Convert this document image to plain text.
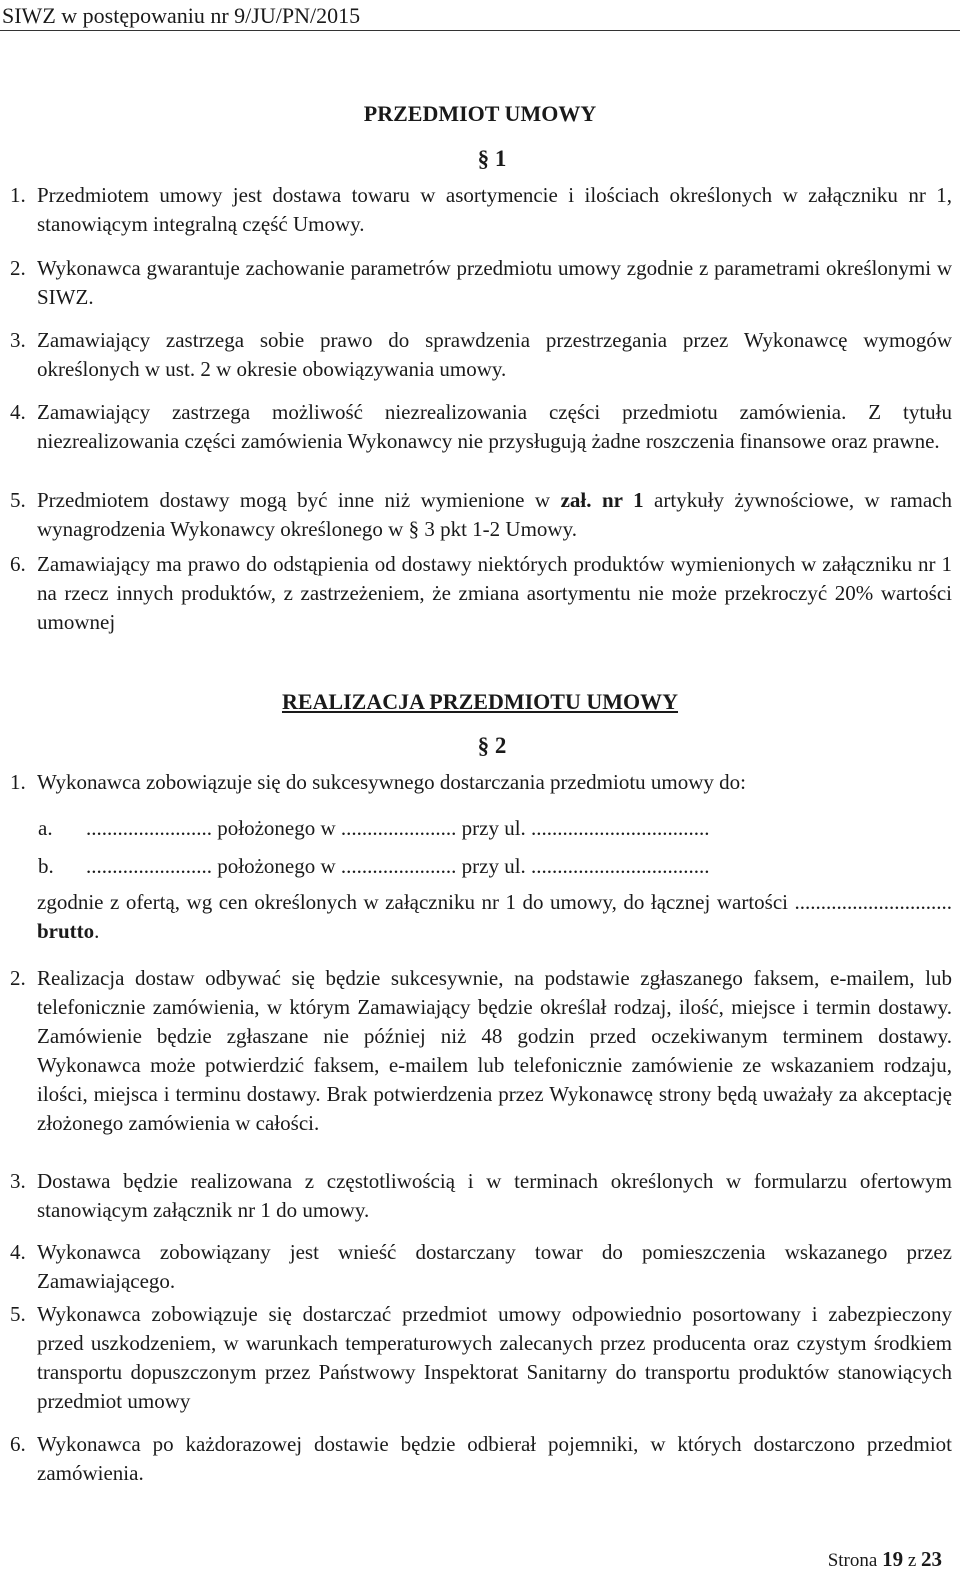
SIWZ w postępowaniu nr 9/JU/PN/2015
PRZEDMIOT UMOWY
§ 1
1. Przedmiotem umowy jest dostawa towaru w asortymencie i ilościach określonych w załączniku nr 1, stanowiącym integralną część Umowy.
2. Wykonawca gwarantuje zachowanie parametrów przedmiotu umowy zgodnie z parametrami określonymi w SIWZ.
3. Zamawiający zastrzega sobie prawo do sprawdzenia przestrzegania przez Wykonawcę wymogów określonych w ust. 2 w okresie obowiązywania umowy.
4. Zamawiający zastrzega możliwość niezrealizowania części przedmiotu zamówienia. Z tytułu niezrealizowania części zamówienia Wykonawcy nie przysługują żadne roszczenia finansowe oraz prawne.
5. Przedmiotem dostawy mogą być inne niż wymienione w zał. nr 1 artykuły żywnościowe, w ramach wynagrodzenia Wykonawcy określonego w § 3 pkt 1-2 Umowy.
6. Zamawiający ma prawo do odstąpienia od dostawy niektórych produktów wymienionych w załączniku nr 1 na rzecz innych produktów, z zastrzeżeniem, że zmiana asortymentu nie może przekroczyć 20% wartości umownej
REALIZACJA PRZEDMIOTU UMOWY
§ 2
1. Wykonawca zobowiązuje się do sukcesywnego dostarczania przedmiotu umowy do:
a. ........................ położonego w ...................... przy ul. ..................................
b. ........................ położonego w ...................... przy ul. ..................................
zgodnie z ofertą, wg cen określonych w załączniku nr 1 do umowy, do łącznej wartości .............................. brutto.
2. Realizacja dostaw odbywać się będzie sukcesywnie, na podstawie zgłaszanego faksem, e-mailem, lub telefonicznie zamówienia, w którym Zamawiający będzie określał rodzaj, ilość, miejsce i termin dostawy. Zamówienie będzie zgłaszane nie później niż 48 godzin przed oczekiwanym terminem dostawy. Wykonawca może potwierdzić faksem, e-mailem lub telefonicznie zamówienie ze wskazaniem rodzaju, ilości, miejsca i terminu dostawy. Brak potwierdzenia przez Wykonawcę strony będą uważały za akceptację złożonego zamówienia w całości.
3. Dostawa będzie realizowana z częstotliwością i w terminach określonych w formularzu ofertowym stanowiącym załącznik nr 1 do umowy.
4. Wykonawca zobowiązany jest wnieść dostarczany towar do pomieszczenia wskazanego przez Zamawiającego.
5. Wykonawca zobowiązuje się dostarczać przedmiot umowy odpowiednio posortowany i zabezpieczony przed uszkodzeniem, w warunkach temperaturowych zalecanych przez producenta oraz czystym środkiem transportu dopuszczonym przez Państwowy Inspektorat Sanitarny do transportu produktów stanowiących przedmiot umowy
6. Wykonawca po każdorazowej dostawie będzie odbierał pojemniki, w których dostarczono przedmiot zamówienia.
Strona 19 z 23
